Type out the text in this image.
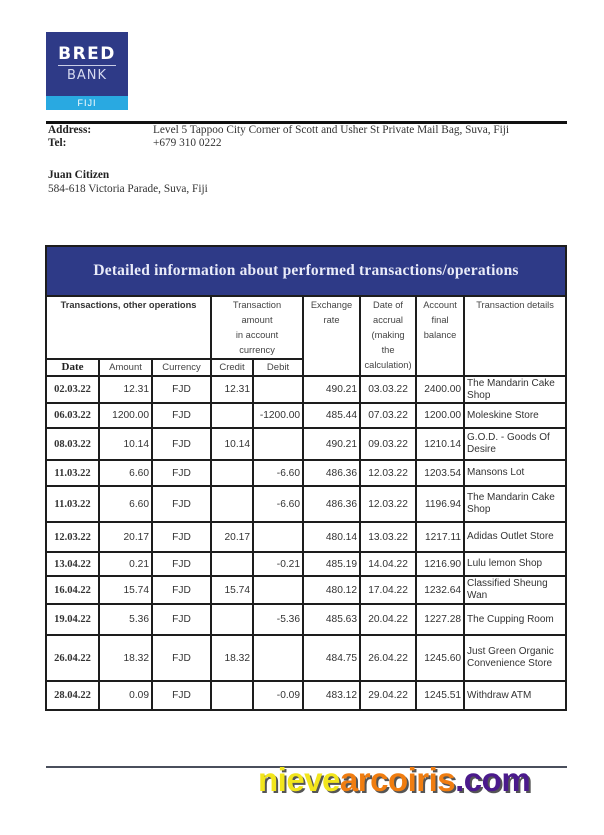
BRED
BANK
FIJI
Address:	Level 5 Tappoo City Corner of Scott and Usher St Private Mail Bag, Suva, Fiji
Tel:	+679 310 0222
Juan Citizen
584-618 Victoria Parade, Suva, Fiji
Detailed information about performed transactions/operations
Transactions, other operations	Transaction
amount
in account
currency

Exchange
rate

Date of
accrual
(making
the
calculation)

Account
final
balance
	Transaction details
Date	Amount	Currency	Credit	Debit				
02.03.22	12.31	FJD	12.31		490.21	03.03.22	2400.00	The Mandarin Cake Shop
06.03.22	1200.00	FJD		-1200.00	485.44	07.03.22	1200.00	Moleskine Store
08.03.22	10.14	FJD	10.14		490.21	09.03.22	1210.14	G.O.D. - Goods Of Desire
11.03.22	6.60	FJD		-6.60	486.36	12.03.22	1203.54	Mansons Lot
11.03.22	6.60	FJD		-6.60	486.36	12.03.22	1196.94	The Mandarin Cake Shop
12.03.22	20.17	FJD	20.17		480.14	13.03.22	1217.11	Adidas Outlet Store
13.04.22	0.21	FJD		-0.21	485.19	14.04.22	1216.90	Lulu lemon Shop
16.04.22	15.74	FJD	15.74		480.12	17.04.22	1232.64	Classified Sheung Wan
19.04.22	5.36	FJD		-5.36	485.63	20.04.22	1227.28	The Cupping Room
26.04.22	18.32	FJD	18.32		484.75	26.04.22	1245.60	Just Green Organic Convenience Store
28.04.22	0.09	FJD		-0.09	483.12	29.04.22	1245.51	Withdraw ATM
nievearcoiris.com
